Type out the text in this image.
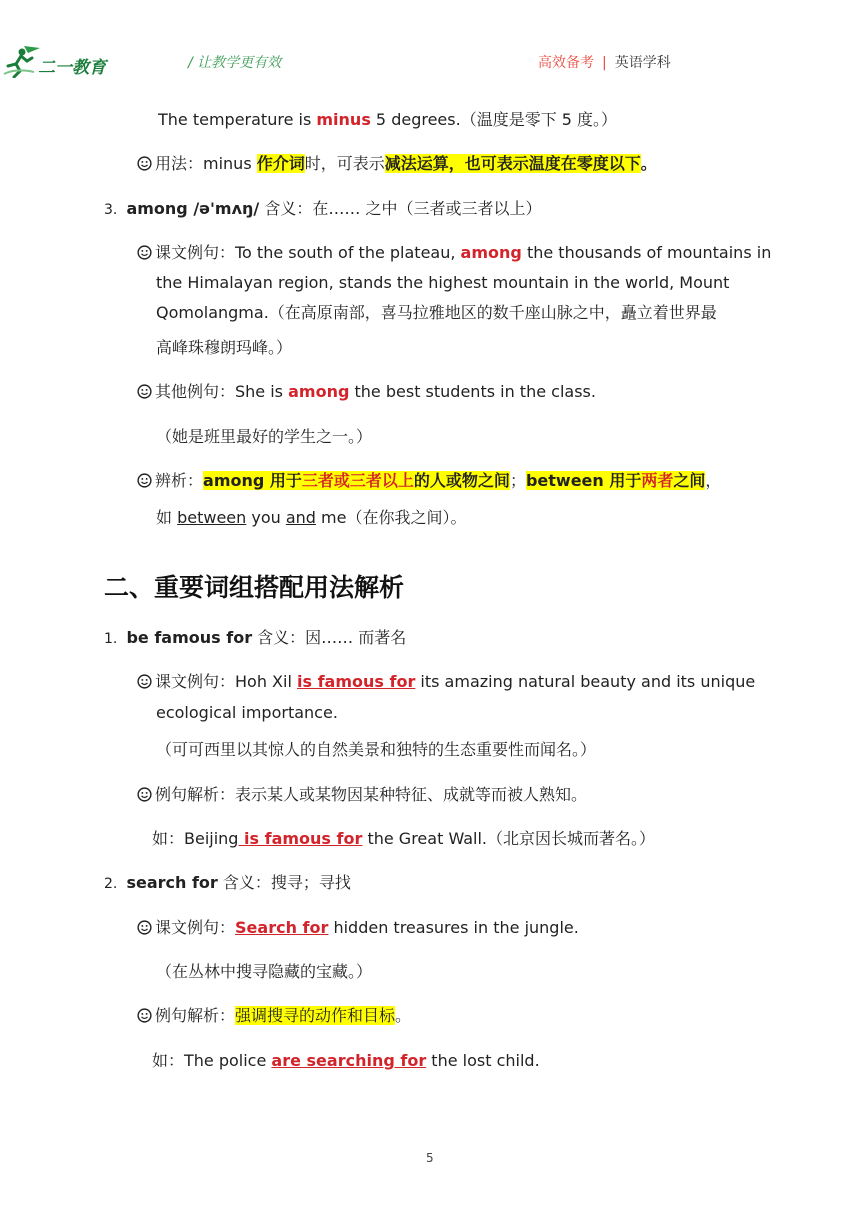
二一教育	/ 让教学更有效	高效备考 | 英语学科
The temperature is minus 5 degrees.（温度是零下 5 度。）
用法：minus 作介词时，可表示减法运算，也可表示温度在零度以下。
3. among /ə'mʌŋ/ 含义：在…… 之中（三者或三者以上）
课文例句：To the south of the plateau, among the thousands of mountains in
the Himalayan region, stands the highest mountain in the world, Mount
Qomolangma.（在高原南部，喜马拉雅地区的数千座山脉之中，矗立着世界最
高峰珠穆朗玛峰。）
其他例句：She is among the best students in the class.
（她是班里最好的学生之一。）
辨析：among 用于三者或三者以上的人或物之间；between 用于两者之间，
如 between you and me（在你我之间）。
二、重要词组搭配用法解析
1. be famous for 含义：因…… 而著名
课文例句：Hoh Xil is famous for its amazing natural beauty and its unique
ecological importance.
（可可西里以其惊人的自然美景和独特的生态重要性而闻名。）
例句解析：表示某人或某物因某种特征、成就等而被人熟知。
如：Beijing is famous for the Great Wall.（北京因长城而著名。）
2. search for 含义：搜寻；寻找
课文例句：Search for hidden treasures in the jungle.
（在丛林中搜寻隐藏的宝藏。）
例句解析：强调搜寻的动作和目标。
如：The police are searching for the lost child.
5
